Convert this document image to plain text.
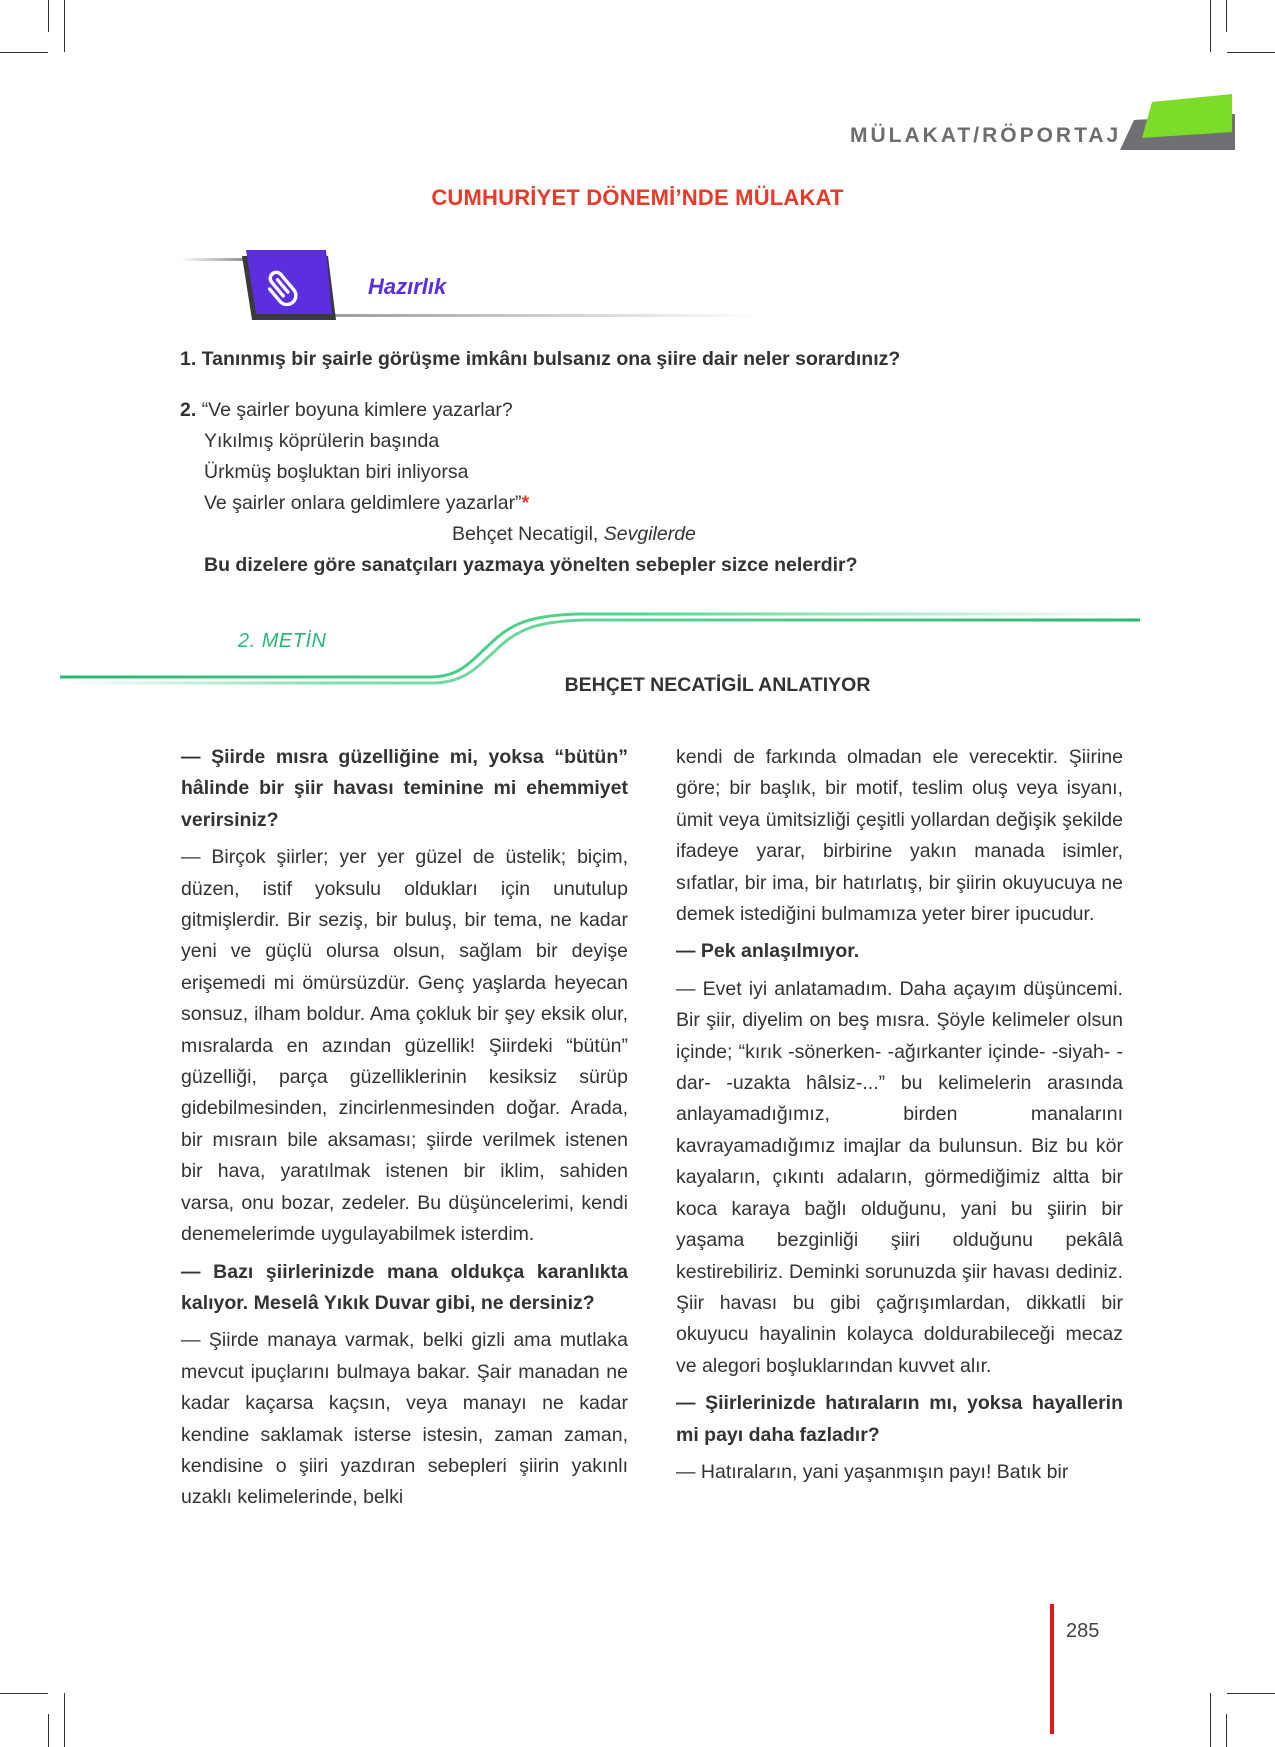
MÜLAKAT/RÖPORTAJ
CUMHURİYET DÖNEMİ’NDE MÜLAKAT
Hazırlık
1. Tanınmış bir şairle görüşme imkânı bulsanız ona şiire dair neler sorardınız?
2. “Ve şairler boyuna kimlere yazarlar?
Yıkılmış köprülerin başında
Ürkmüş boşluktan biri inliyorsa
Ve şairler onlara geldimlere yazarlar”*
Behçet Necatigil, Sevgilerde
Bu dizelere göre sanatçıları yazmaya yönelten sebepler sizce nelerdir?
2. METİN
BEHÇET NECATİGİL ANLATIYOR

— Şiirde mısra güzelliğine mi, yoksa “bütün” hâlinde bir şiir havası teminine mi ehemmiyet verirsiniz?

— Birçok şiirler; yer yer güzel de üstelik; biçim, düzen, istif yoksulu oldukları için unutulup gitmişlerdir. Bir seziş, bir buluş, bir tema, ne kadar yeni ve güçlü olursa olsun, sağlam bir deyişe erişemedi mi ömürsüzdür. Genç yaşlarda heyecan sonsuz, ilham boldur. Ama çokluk bir şey eksik olur, mısralarda en azından güzellik! Şiirdeki “bütün” güzelliği, parça güzelliklerinin kesiksiz sürüp gidebilmesinden, zincirlenmesinden doğar. Arada, bir mısraın bile aksaması; şiirde verilmek istenen bir hava, yaratılmak istenen bir iklim, sahiden varsa, onu bozar, zedeler. Bu düşüncelerimi, kendi denemelerimde uygulayabilmek isterdim.

— Bazı şiirlerinizde mana oldukça karanlıkta kalıyor. Meselâ Yıkık Duvar gibi, ne dersiniz?

— Şiirde manaya varmak, belki gizli ama mutlaka mevcut ipuçlarını bulmaya bakar. Şair manadan ne kadar kaçarsa kaçsın, veya manayı ne kadar kendine saklamak isterse istesin, zaman zaman, kendisine o şiiri yazdıran sebepleri şiirin yakınlı uzaklı kelimelerinde, belki

kendi de farkında olmadan ele verecektir. Şiirine göre; bir başlık, bir motif, teslim oluş veya isyanı, ümit veya ümitsizliği çeşitli yollardan değişik şekilde ifadeye yarar, birbirine yakın manada isimler, sıfatlar, bir ima, bir hatırlatış, bir şiirin okuyucuya ne demek istediğini bulmamıza yeter birer ipucudur.

— Pek anlaşılmıyor.

— Evet iyi anlatamadım. Daha açayım düşüncemi. Bir şiir, diyelim on beş mısra. Şöyle kelimeler olsun içinde; “kırık -sönerken- -ağırkanter içinde- -siyah- -dar- -uzakta hâlsiz-...” bu kelimelerin arasında anlayamadığımız, birden manalarını kavrayamadığımız imajlar da bulunsun. Biz bu kör kayaların, çıkıntı adaların, görmediğimiz altta bir koca karaya bağlı olduğunu, yani bu şiirin bir yaşama bezginliği şiiri olduğunu pekâlâ kestirebiliriz. Deminki sorunuzda şiir havası dediniz. Şiir havası bu gibi çağrışımlardan, dikkatli bir okuyucu hayalinin kolayca doldurabileceği mecaz ve alegori boşluklarından kuvvet alır.

— Şiirlerinizde hatıraların mı, yoksa hayallerin mi payı daha fazladır?

— Hatıraların, yani yaşanmışın payı! Batık bir

285
